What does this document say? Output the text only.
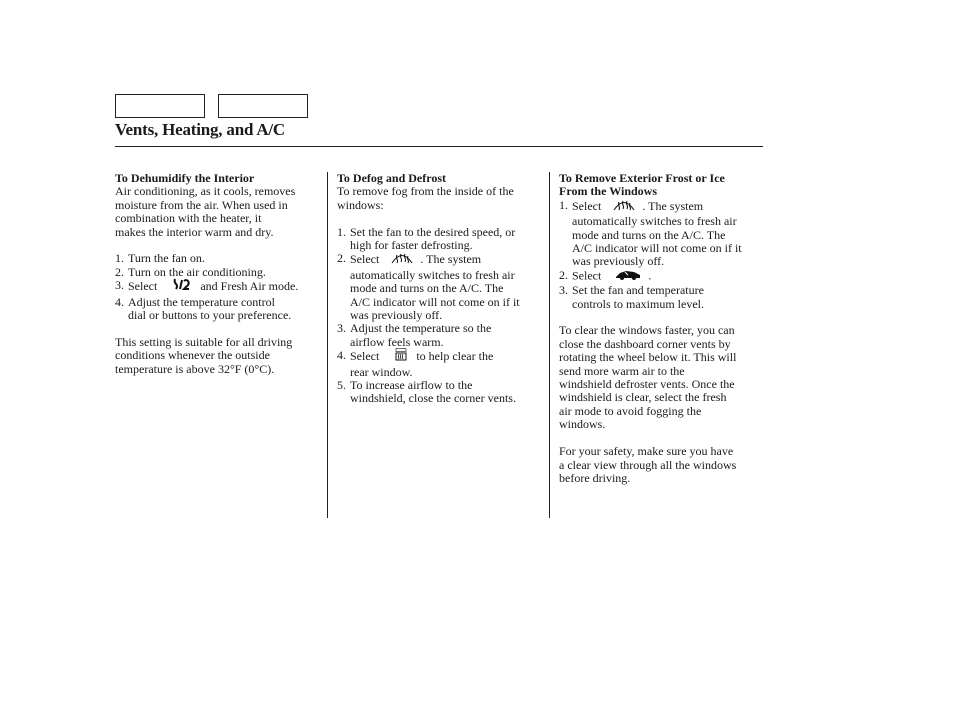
Vents, Heating, and A/C
To Dehumidify the Interior
Air conditioning, as it cools, removes
moisture from the air. When used in
combination with the heater, it
makes the interior warm and dry.
1. Turn the fan on.
2. Turn on the air conditioning.
3. Select	and Fresh Air mode.
4. Adjust the temperature control
dial or buttons to your preference.
This setting is suitable for all driving
conditions whenever the outside
temperature is above 32°F (0°C).
To Defog and Defrost
To remove fog from the inside of the
windows:
1. Set the fan to the desired speed, or
high for faster defrosting.
2. Select	. The system
automatically switches to fresh air
mode and turns on the A/C. The
A/C indicator will not come on if it
was previously off.
3. Adjust the temperature so the
airflow feels warm.
4. Select	to help clear the
rear window.
5. To increase airflow to the
windshield, close the corner vents.
To Remove Exterior Frost or Ice
From the Windows
1. Select	. The system
automatically switches to fresh air
mode and turns on the A/C. The
A/C indicator will not come on if it
was previously off.
2. Select	.
3. Set the fan and temperature
controls to maximum level.
To clear the windows faster, you can
close the dashboard corner vents by
rotating the wheel below it. This will
send more warm air to the
windshield defroster vents. Once the
windshield is clear, select the fresh
air mode to avoid fogging the
windows.
For your safety, make sure you have
a clear view through all the windows
before driving.
